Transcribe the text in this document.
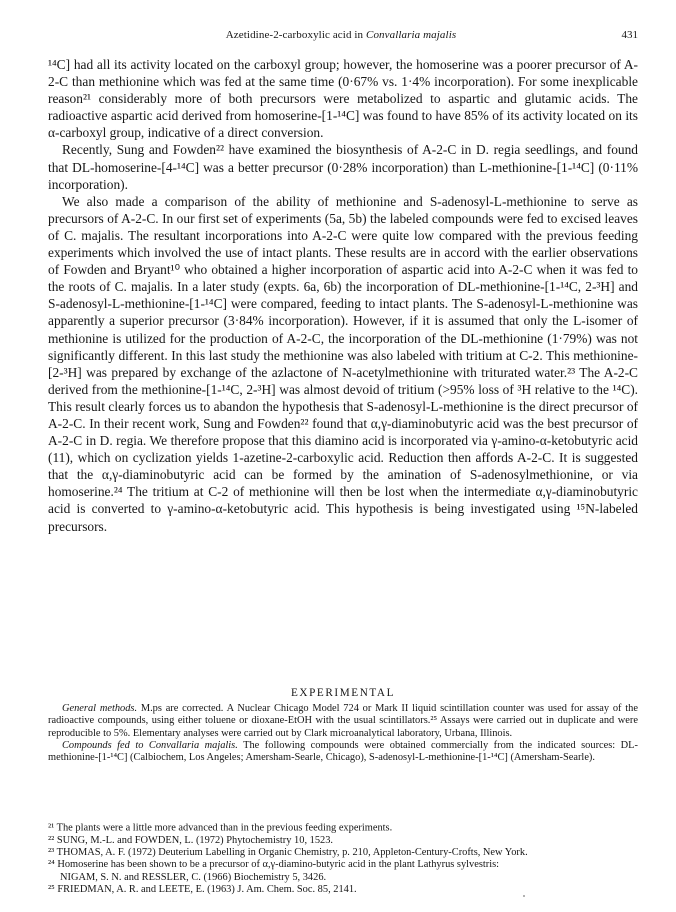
Azetidine-2-carboxylic acid in Convallaria majalis	431

¹⁴C] had all its activity located on the carboxyl group; however, the homoserine was a poorer precursor of A-2-C than methionine which was fed at the same time (0·67% vs. 1·4% incorporation). For some inexplicable reason²¹ considerably more of both precursors were metabolized to aspartic and glutamic acids. The radioactive aspartic acid derived from homoserine-[1-¹⁴C] was found to have 85% of its activity located on its α-carboxyl group, indicative of a direct conversion.

Recently, Sung and Fowden²² have examined the biosynthesis of A-2-C in D. regia seedlings, and found that DL-homoserine-[4-¹⁴C] was a better precursor (0·28% incorporation) than L-methionine-[1-¹⁴C] (0·11% incorporation).

We also made a comparison of the ability of methionine and S-adenosyl-L-methionine to serve as precursors of A-2-C. In our first set of experiments (5a, 5b) the labeled compounds were fed to excised leaves of C. majalis. The resultant incorporations into A-2-C were quite low compared with the previous feeding experiments which involved the use of intact plants. These results are in accord with the earlier observations of Fowden and Bryant¹⁰ who obtained a higher incorporation of aspartic acid into A-2-C when it was fed to the roots of C. majalis. In a later study (expts. 6a, 6b) the incorporation of DL-methionine-[1-¹⁴C, 2-³H] and S-adenosyl-L-methionine-[1-¹⁴C] were compared, feeding to intact plants. The S-adenosyl-L-methionine was apparently a superior precursor (3·84% incorporation). However, if it is assumed that only the L-isomer of methionine is utilized for the production of A-2-C, the incorporation of the DL-methionine (1·79%) was not significantly different. In this last study the methionine was also labeled with tritium at C-2. This methionine-[2-³H] was prepared by exchange of the azlactone of N-acetylmethionine with triturated water.²³ The A-2-C derived from the methionine-[1-¹⁴C, 2-³H] was almost devoid of tritium (>95% loss of ³H relative to the ¹⁴C). This result clearly forces us to abandon the hypothesis that S-adenosyl-L-methionine is the direct precursor of A-2-C. In their recent work, Sung and Fowden²² found that α,γ-diaminobutyric acid was the best precursor of A-2-C in D. regia. We therefore propose that this diamino acid is incorporated via γ-amino-α-ketobutyric acid (11), which on cyclization yields 1-azetine-2-carboxylic acid. Reduction then affords A-2-C. It is suggested that the α,γ-diaminobutyric acid can be formed by the amination of S-adenosylmethionine, or via homoserine.²⁴ The tritium at C-2 of methionine will then be lost when the intermediate α,γ-diaminobutyric acid is converted to γ-amino-α-ketobutyric acid. This hypothesis is being investigated using ¹⁵N-labeled precursors.

EXPERIMENTAL

General methods. M.ps are corrected. A Nuclear Chicago Model 724 or Mark II liquid scintillation counter was used for assay of the radioactive compounds, using either toluene or dioxane-EtOH with the usual scintillators.²⁵ Assays were carried out in duplicate and were reproducible to 5%. Elementary analyses were carried out by Clark microanalytical laboratory, Urbana, Illinois.

Compounds fed to Convallaria majalis. The following compounds were obtained commercially from the indicated sources: DL-methionine-[1-¹⁴C] (Calbiochem, Los Angeles; Amersham-Searle, Chicago), S-adenosyl-L-methionine-[1-¹⁴C] (Amersham-Searle).

²¹ The plants were a little more advanced than in the previous feeding experiments.
²² SUNG, M.-L. and FOWDEN, L. (1972) Phytochemistry 10, 1523.
²³ THOMAS, A. F. (1972) Deuterium Labelling in Organic Chemistry, p. 210, Appleton-Century-Crofts, New York.
²⁴ Homoserine has been shown to be a precursor of α,γ-diamino-butyric acid in the plant Lathyrus sylvestris:
NIGAM, S. N. and RESSLER, C. (1966) Biochemistry 5, 3426.
²⁵ FRIEDMAN, A. R. and LEETE, E. (1963) J. Am. Chem. Soc. 85, 2141.
